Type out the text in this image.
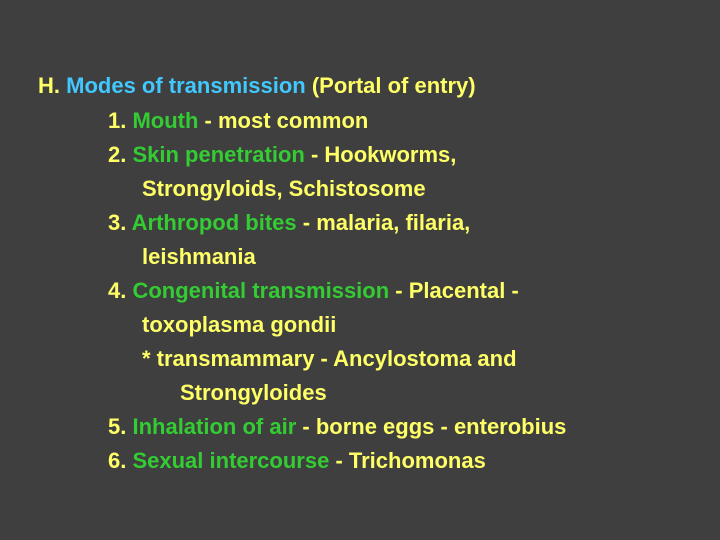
H. Modes of transmission (Portal of entry)
1. Mouth - most common
2. Skin penetration - Hookworms,
Strongyloids, Schistosome
3. Arthropod bites - malaria, filaria,
leishmania
4. Congenital transmission - Placental -
toxoplasma gondii
* transmammary - Ancylostoma and
Strongyloides
5. Inhalation of air - borne eggs - enterobius
6. Sexual intercourse - Trichomonas
